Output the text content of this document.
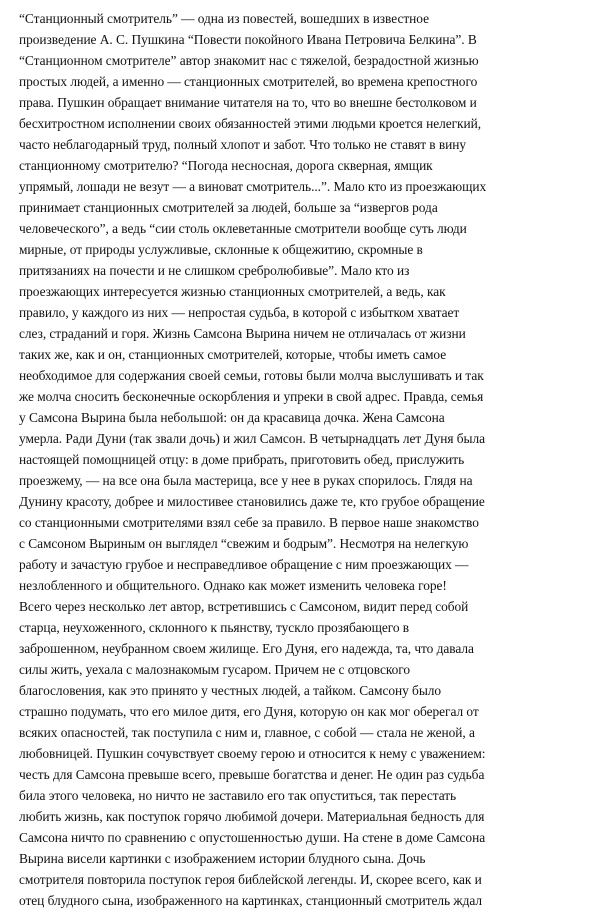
“Станционный смотритель” — одна из повестей, вошедших в известное
произведение А. С. Пушкина “Повести покойного Ивана Петровича Белкина”. В
“Станционном смотрителе” автор знакомит нас с тяжелой, безрадостной жизнью
простых людей, а именно — станционных смотрителей, во времена крепостного
права. Пушкин обращает внимание читателя на то, что во внешне бестолковом и
бесхитростном исполнении своих обязанностей этими людьми кроется нелегкий,
часто неблагодарный труд, полный хлопот и забот. Что только не ставят в вину
станционному смотрителю? “Погода несносная, дорога скверная, ямщик
упрямый, лошади не везут — а виноват смотритель...”. Мало кто из проезжающих
принимает станционных смотрителей за людей, больше за “извергов рода
человеческого”, а ведь “сии столь оклеветанные смотрители вообще суть люди
мирные, от природы услужливые, склонные к общежитию, скромные в
притязаниях на почести и не слишком сребролюбивые”. Мало кто из
проезжающих интересуется жизнью станционных смотрителей, а ведь, как
правило, у каждого из них — непростая судьба, в которой с избытком хватает
слез, страданий и горя. Жизнь Самсона Вырина ничем не отличалась от жизни
таких же, как и он, станционных смотрителей, которые, чтобы иметь самое
необходимое для содержания своей семьи, готовы были молча выслушивать и так
же молча сносить бесконечные оскорбления и упреки в свой адрес. Правда, семья
у Самсона Вырина была небольшой: он да красавица дочка. Жена Самсона
умерла. Ради Дуни (так звали дочь) и жил Самсон. В четырнадцать лет Дуня была
настоящей помощницей отцу: в доме прибрать, приготовить обед, прислужить
проезжему, — на все она была мастерица, все у нее в руках спорилось. Глядя на
Дунину красоту, добрее и милостивее становились даже те, кто грубое обращение
со станционными смотрителями взял себе за правило. В первое наше знакомство
с Самсоном Выриным он выглядел “свежим и бодрым”. Несмотря на нелегкую
работу и зачастую грубое и несправедливое обращение с ним проезжающих —
незлобленного и общительного. Однако как может изменить человека горе!
Всего через несколько лет автор, встретившись с Самсоном, видит перед собой
старца, неухоженного, склонного к пьянству, тускло прозябающего в
заброшенном, неубранном своем жилище. Его Дуня, его надежда, та, что давала
силы жить, уехала с малознакомым гусаром. Причем не с отцовского
благословения, как это принято у честных людей, а тайком. Самсону было
страшно подумать, что его милое дитя, его Дуня, которую он как мог оберегал от
всяких опасностей, так поступила с ним и, главное, с собой — стала не женой, а
любовницей. Пушкин сочувствует своему герою и относится к нему с уважением:
честь для Самсона превыше всего, превыше богатства и денег. Не один раз судьба
била этого человека, но ничто не заставило его так опуститься, так перестать
любить жизнь, как поступок горячо любимой дочери. Материальная бедность для
Самсона ничто по сравнению с опустошенностью души. На стене в доме Самсона
Вырина висели картинки с изображением истории блудного сына. Дочь
смотрителя повторила поступок героя библейской легенды. И, скорее всего, как и
отец блудного сына, изображенного на картинках, станционный смотритель ждал
